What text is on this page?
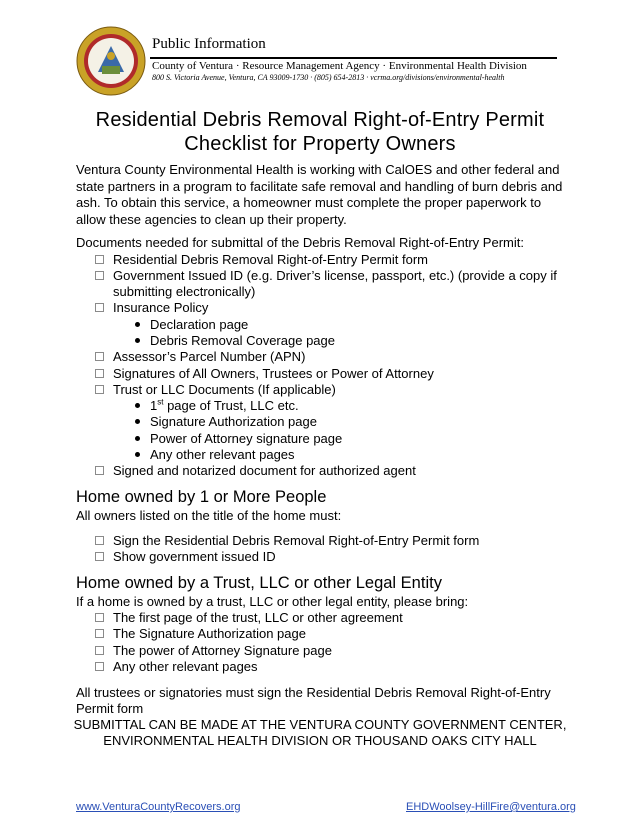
Public Information
County of Ventura · Resource Management Agency · Environmental Health Division
800 S. Victoria Avenue, Ventura, CA 93009-1730 · (805) 654-2813 · vcrma.org/divisions/environmental-health
Residential Debris Removal Right-of-Entry Permit
Checklist for Property Owners
Ventura County Environmental Health is working with CalOES and other federal and state partners in a program to facilitate safe removal and handling of burn debris and ash. To obtain this service, a homeowner must complete the proper paperwork to allow these agencies to clean up their property.
Documents needed for submittal of the Debris Removal Right-of-Entry Permit:
Residential Debris Removal Right-of-Entry Permit form
Government Issued ID (e.g. Driver’s license, passport, etc.) (provide a copy if
submitting electronically)
Insurance Policy
Declaration page
Debris Removal Coverage page
Assessor’s Parcel Number (APN)
Signatures of All Owners, Trustees or Power of Attorney
Trust or LLC Documents (If applicable)
1st page of Trust, LLC etc.
Signature Authorization page
Power of Attorney signature page
Any other relevant pages
Signed and notarized document for authorized agent
Home owned by 1 or More People
All owners listed on the title of the home must:
Sign the Residential Debris Removal Right-of-Entry Permit form
Show government issued ID
Home owned by a Trust, LLC or other Legal Entity
If a home is owned by a trust, LLC or other legal entity, please bring:
The first page of the trust, LLC or other agreement
The Signature Authorization page
The power of Attorney Signature page
Any other relevant pages
All trustees or signatories must sign the Residential Debris Removal Right-of-Entry
Permit form
SUBMITTAL CAN BE MADE AT THE VENTURA COUNTY GOVERNMENT CENTER,
ENVIRONMENTAL HEALTH DIVISION OR THOUSAND OAKS CITY HALL
www.VenturaCountyRecovers.org	EHDWoolsey-HillFire@ventura.org
